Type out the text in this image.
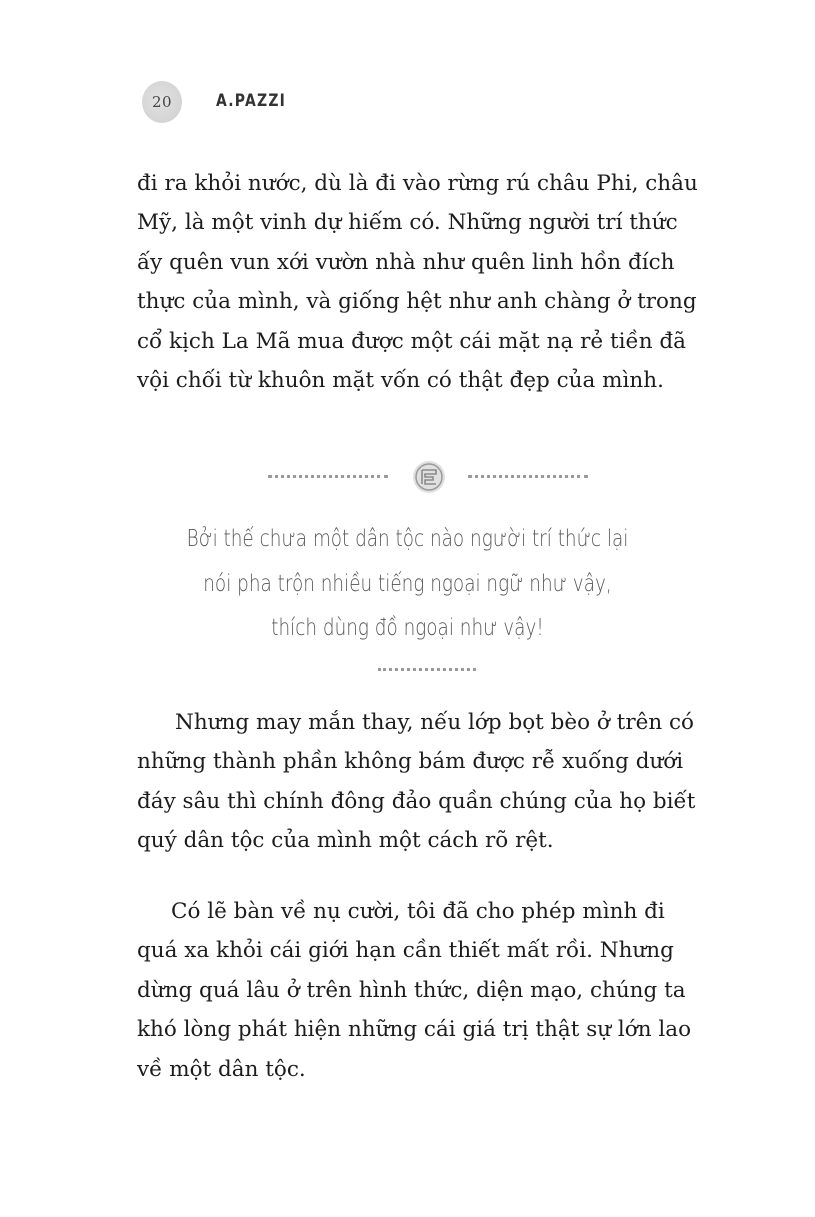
20	A.PAZZI

đi ra khỏi nước, dù là đi vào rừng rú châu Phi, châu

Mỹ, là một vinh dự hiếm có. Những người trí thức

ấy quên vun xới vườn nhà như quên linh hồn đích

thực của mình, và giống hệt như anh chàng ở trong

cổ kịch La Mã mua được một cái mặt nạ rẻ tiền đã

vội chối từ khuôn mặt vốn có thật đẹp của mình.

Bởi thế chưa một dân tộc nào người trí thức lại

nói pha trộn nhiều tiếng ngoại ngữ như vậy,

thích dùng đồ ngoại như vậy!

Nhưng may mắn thay, nếu lớp bọt bèo ở trên có

những thành phần không bám được rễ xuống dưới

đáy sâu thì chính đông đảo quần chúng của họ biết

quý dân tộc của mình một cách rõ rệt.

Có lẽ bàn về nụ cười, tôi đã cho phép mình đi

quá xa khỏi cái giới hạn cần thiết mất rồi. Nhưng

dừng quá lâu ở trên hình thức, diện mạo, chúng ta

khó lòng phát hiện những cái giá trị thật sự lớn lao

về một dân tộc.
